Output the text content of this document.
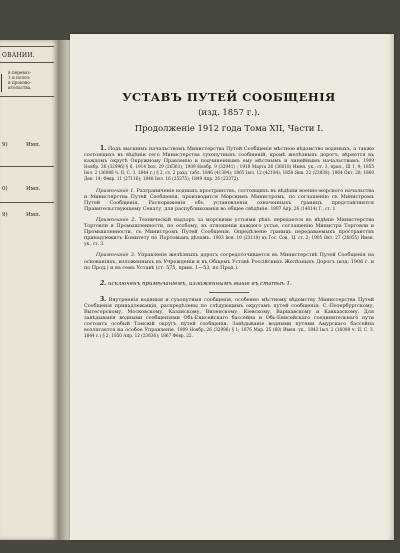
ОВАНИИ.
я перевоз-
1 и полез-
я произво-
ительства.
9)	Имп.
0)	Имп.
9)	Имп.
УСТАВЪ ПУТЕЙ СООБЩЕНІЯ
(изд. 1857 г.).
Продолженіе 1912 года Тома XII, Части I.

1. Подъ высшимъ начальствомъ Министерства Путей Сообщенія мѣстное вѣдомство водяныхъ, а также состоящихъ въ вѣдѣніи сего Министерства сухопутныхъ сообщеній, кромѣ желѣзныхъ дорогъ, вѣряется въ каждомъ округѣ Окружному Правленію и подчиненнымъ ему мѣстнымъ и линейнымъ начальствамъ. 1909 Ноябр. 26 (32996) § 6, 1914 Іюл. 29 (26361); 1909 Ноябр. 9 (32941) ; 1918 Марта 26 (36018) Имен. ук., ст. 3, прил., Ш 1, 9; 1855 Іюл. 2 (36088 ч. II, С. З. 1844 г.) § 2, ст. 2 разд. табл. 1846 (41394); 1865 Іюл. 12 (42184); 1850 Янв. 22 (23838); 1864 Окт. 28; 1860 Дек. 14; Февр. 11 (27116); 1848 Іюл. 16 (25375); 1849 Апр. 26 (23372).

Примѣчаніе 1. Разграниченіе водныхъ пространствъ, состоящихъ въ вѣдѣніи военно-морского начальства и Министерства Путей Сообщенія, производится Морскимъ Министромъ, по соглашенію съ Министромъ Путей Сообщенія. Распоряженія объ установленіи означенныхъ границъ представляются Правительствующему Сенату, для распубликованія во общее свѣдѣніе. 1897 Апр. 26 (14014) Г., ст. 1.

Примѣчаніе 2. Техническій надзоръ за морскими устьями рѣкъ передается въ вѣдѣніе Министерства Торговли и Промышленности, по особому, въ отношеніи каждого устья, соглашенію Министра Торговли и Промышленности, съ Министромъ Путей Сообщенія. Опредѣленіе границъ передаваемыхъ пространствъ принадлежитъ Комитету по Портовымъ дѣламъ. 1903 Іюн. 10 (23119) въ Гос. Сов., Ц. ст. 2; 1905 Окт. 27 (26855) Имен. ук., ст. 3.

Примѣчаніе 3. Управленіе желѣзныхъ дорогъ сосредоточивается въ Министерствѣ Путей Сообщенія на основаніяхъ, изложенныхъ въ Учрежденіи и въ Общемъ Уставѣ Россійскихъ Желѣзныхъ Дорогъ (изд. 1906 г. и по Прод.) и въ семъ Уставѣ (ст. 575, прим. 1—53, по Прод.).

2. исключенъ примѣчаніемъ, изложеннымъ выше въ статьѣ 1.

3. Внутреннія водяныя и сухопутныя сообщенія, особенно мѣстному вѣдомству Министерства Путей Сообщенія принадлежащія, распредѣлены по слѣдующимъ округамъ путей сообщенія: С.-Петербургскому, Вытегорскому, Московскому, Казанскому, Виленскому, Кіевскому, Варшавскому и Кавказскому. Для завѣдыванія водными сообщеніями Обь-Енисейскаго бассейна и Обь-Енисейскаго соединительнаго пути состоитъ особый Томскій округъ путей сообщенія. Завѣдываніе водными путями Амурскаго бассейна возлагается на особое Управленіе. 1909 Ноябр. 26 (32996) § 1; 1876 Мар. 25 (60) Имен. ук., 1843 Іюл. 2 (16098 ч. II, С. З. 1844 г.) § 2; 1850 Апр. 12 (23636); 1867 Февр. 22.
